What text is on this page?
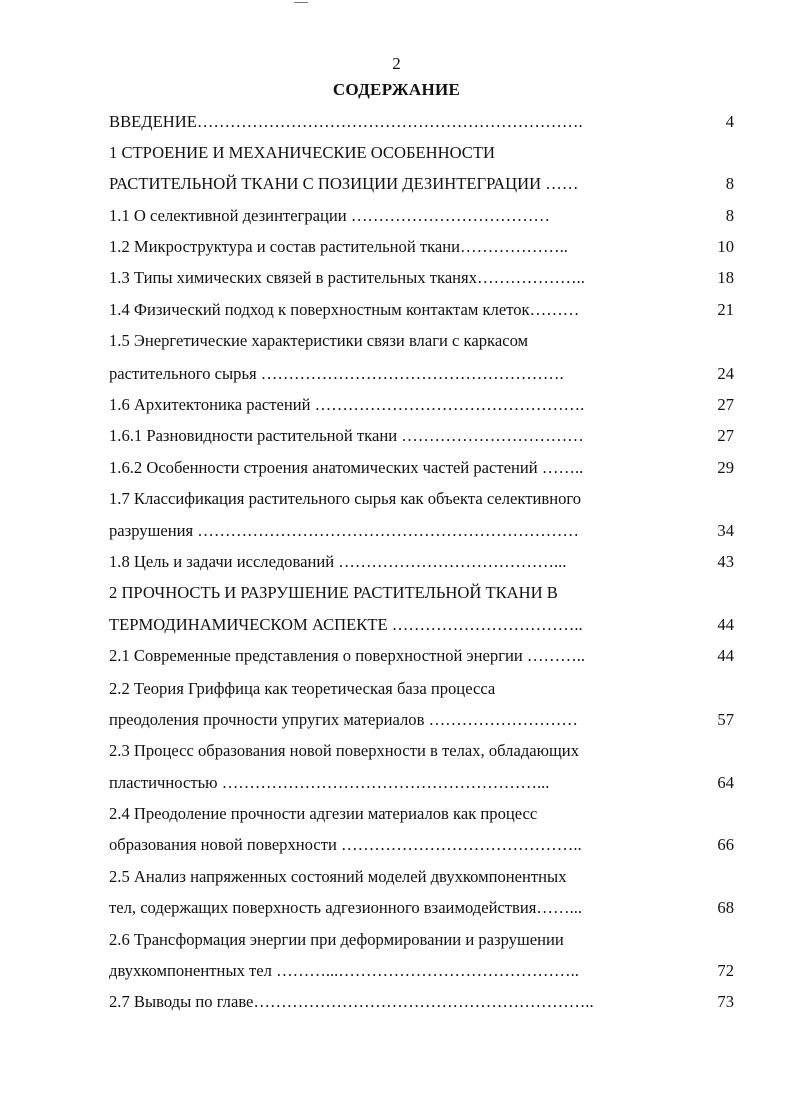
2
СОДЕРЖАНИЕ
ВВЕДЕНИЕ…………………………………………………………….	4
1 СТРОЕНИЕ И МЕХАНИЧЕСКИЕ ОСОБЕННОСТИ
РАСТИТЕЛЬНОЙ ТКАНИ С ПОЗИЦИИ ДЕЗИНТЕГРАЦИИ ……	8
1.1 О селективной дезинтеграции ………………………………	8
1.2 Микроструктура и состав растительной ткани………………..	10
1.3 Типы химических связей в растительных тканях………………..	18
1.4 Физический подход к поверхностным контактам клеток………	21
1.5 Энергетические характеристики связи влаги с каркасом
растительного сырья ……………………………………………….	24
1.6 Архитектоника растений ………………………………………….	27
1.6.1 Разновидности растительной ткани ……………………………	27
1.6.2 Особенности строения анатомических частей растений ……..	29
1.7 Классификация растительного сырья как объекта селективного
разрушения ……………………………………………………………	34
1.8 Цель и задачи исследований …………………………………...	43
2 ПРОЧНОСТЬ И РАЗРУШЕНИЕ РАСТИТЕЛЬНОЙ ТКАНИ В
ТЕРМОДИНАМИЧЕСКОМ АСПЕКТЕ ……………………………..	44
2.1 Современные представления о поверхностной энергии ………..	44
2.2 Теория Гриффица как теоретическая база процесса
преодоления прочности упругих материалов ………………………	57
2.3 Процесс образования новой поверхности в телах, обладающих
пластичностью …………………………………………………...	64
2.4 Преодоление прочности адгезии материалов как процесс
образования новой поверхности ……………………………………..	66
2.5 Анализ напряженных состояний моделей двухкомпонентных
тел, содержащих поверхность адгезионного взаимодействия……...	68
2.6 Трансформация энергии при деформировании и разрушении
двухкомпонентных тел ………...……………………………………..	72
2.7 Выводы по главе……………………………………………………..	73
